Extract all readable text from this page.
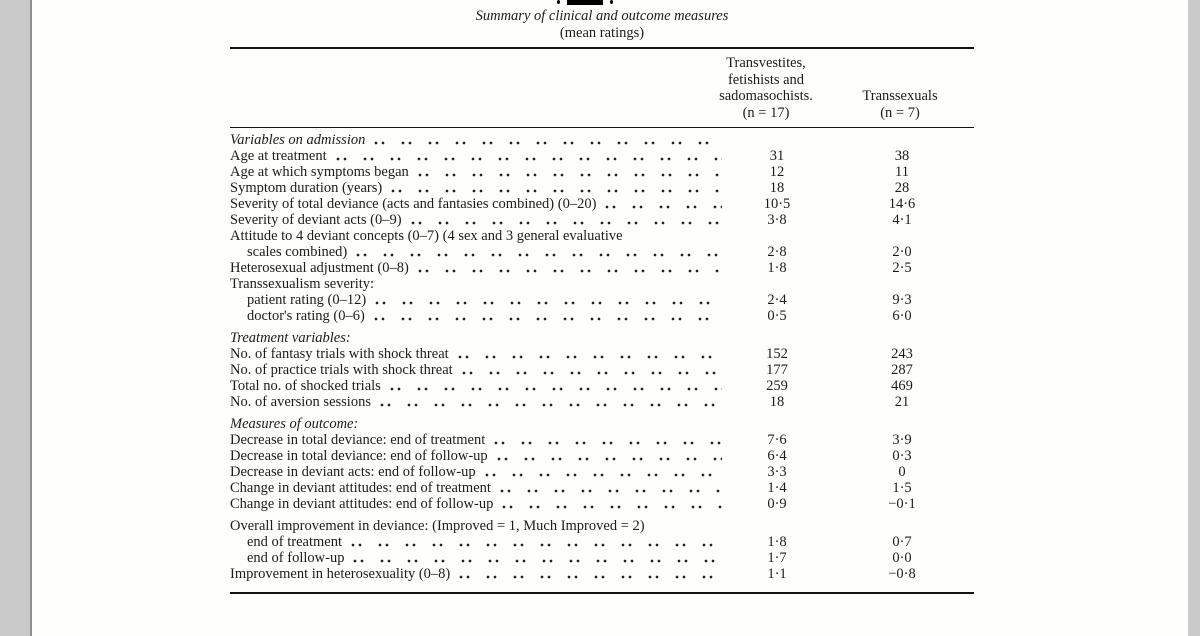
Summary of clinical and outcome measures
(mean ratings)
Transvestites,
fetishists and
sadomasochists.
(n = 17)
Transsexuals
(n = 7)
Variables on admission
Age at treatment	31	38
Age at which symptoms began	12	11
Symptom duration (years)	18	28
Severity of total deviance (acts and fantasies combined) (0–20)	10·5	14·6
Severity of deviant acts (0–9)	3·8	4·1
Attitude to 4 deviant concepts (0–7) (4 sex and 3 general evaluative
scales combined)	2·8	2·0
Heterosexual adjustment (0–8)	1·8	2·5
Transsexualism severity:
patient rating (0–12)	2·4	9·3
doctor's rating (0–6)	0·5	6·0
Treatment variables:
No. of fantasy trials with shock threat	152	243
No. of practice trials with shock threat	177	287
Total no. of shocked trials	259	469
No. of aversion sessions	18	21
Measures of outcome:
Decrease in total deviance: end of treatment	7·6	3·9
Decrease in total deviance: end of follow-up	6·4	0·3
Decrease in deviant acts: end of follow-up	3·3	0
Change in deviant attitudes: end of treatment	1·4	1·5
Change in deviant attitudes: end of follow-up	0·9	−0·1
Overall improvement in deviance: (Improved = 1, Much Improved = 2)
end of treatment	1·8	0·7
end of follow-up	1·7	0·0
Improvement in heterosexuality (0–8)	1·1	−0·8
